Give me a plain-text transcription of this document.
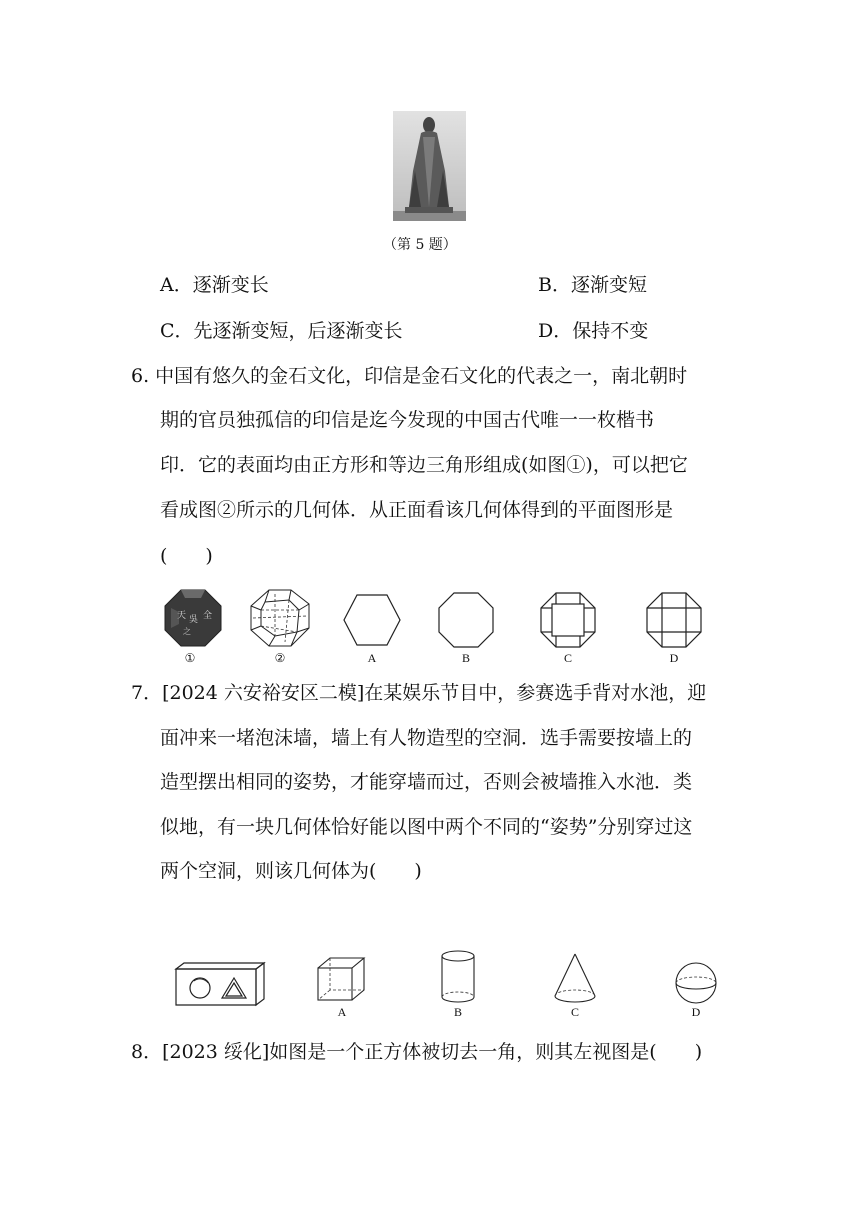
（第 5 题）
A．逐渐变长	B．逐渐变短
C．先逐渐变短，后逐渐变长	D．保持不变
6. 中国有悠久的金石文化，印信是金石文化的代表之一，南北朝时
期的官员独孤信的印信是迄今发现的中国古代唯一一枚楷书
印．它的表面均由正方形和等边三角形组成(如图①)，可以把它
看成图②所示的几何体．从正面看该几何体得到的平面图形是
(　　)
天 吳 全
之
①	②	A	B	C	D
7．[2024 六安裕安区二模]在某娱乐节目中，参赛选手背对水池，迎
面冲来一堵泡沫墙，墙上有人物造型的空洞．选手需要按墙上的
造型摆出相同的姿势，才能穿墙而过，否则会被墙推入水池．类
似地，有一块几何体恰好能以图中两个不同的“姿势”分别穿过这
两个空洞，则该几何体为(　　)
A	B	C	D
8．[2023 绥化]如图是一个正方体被切去一角，则其左视图是(　　)
